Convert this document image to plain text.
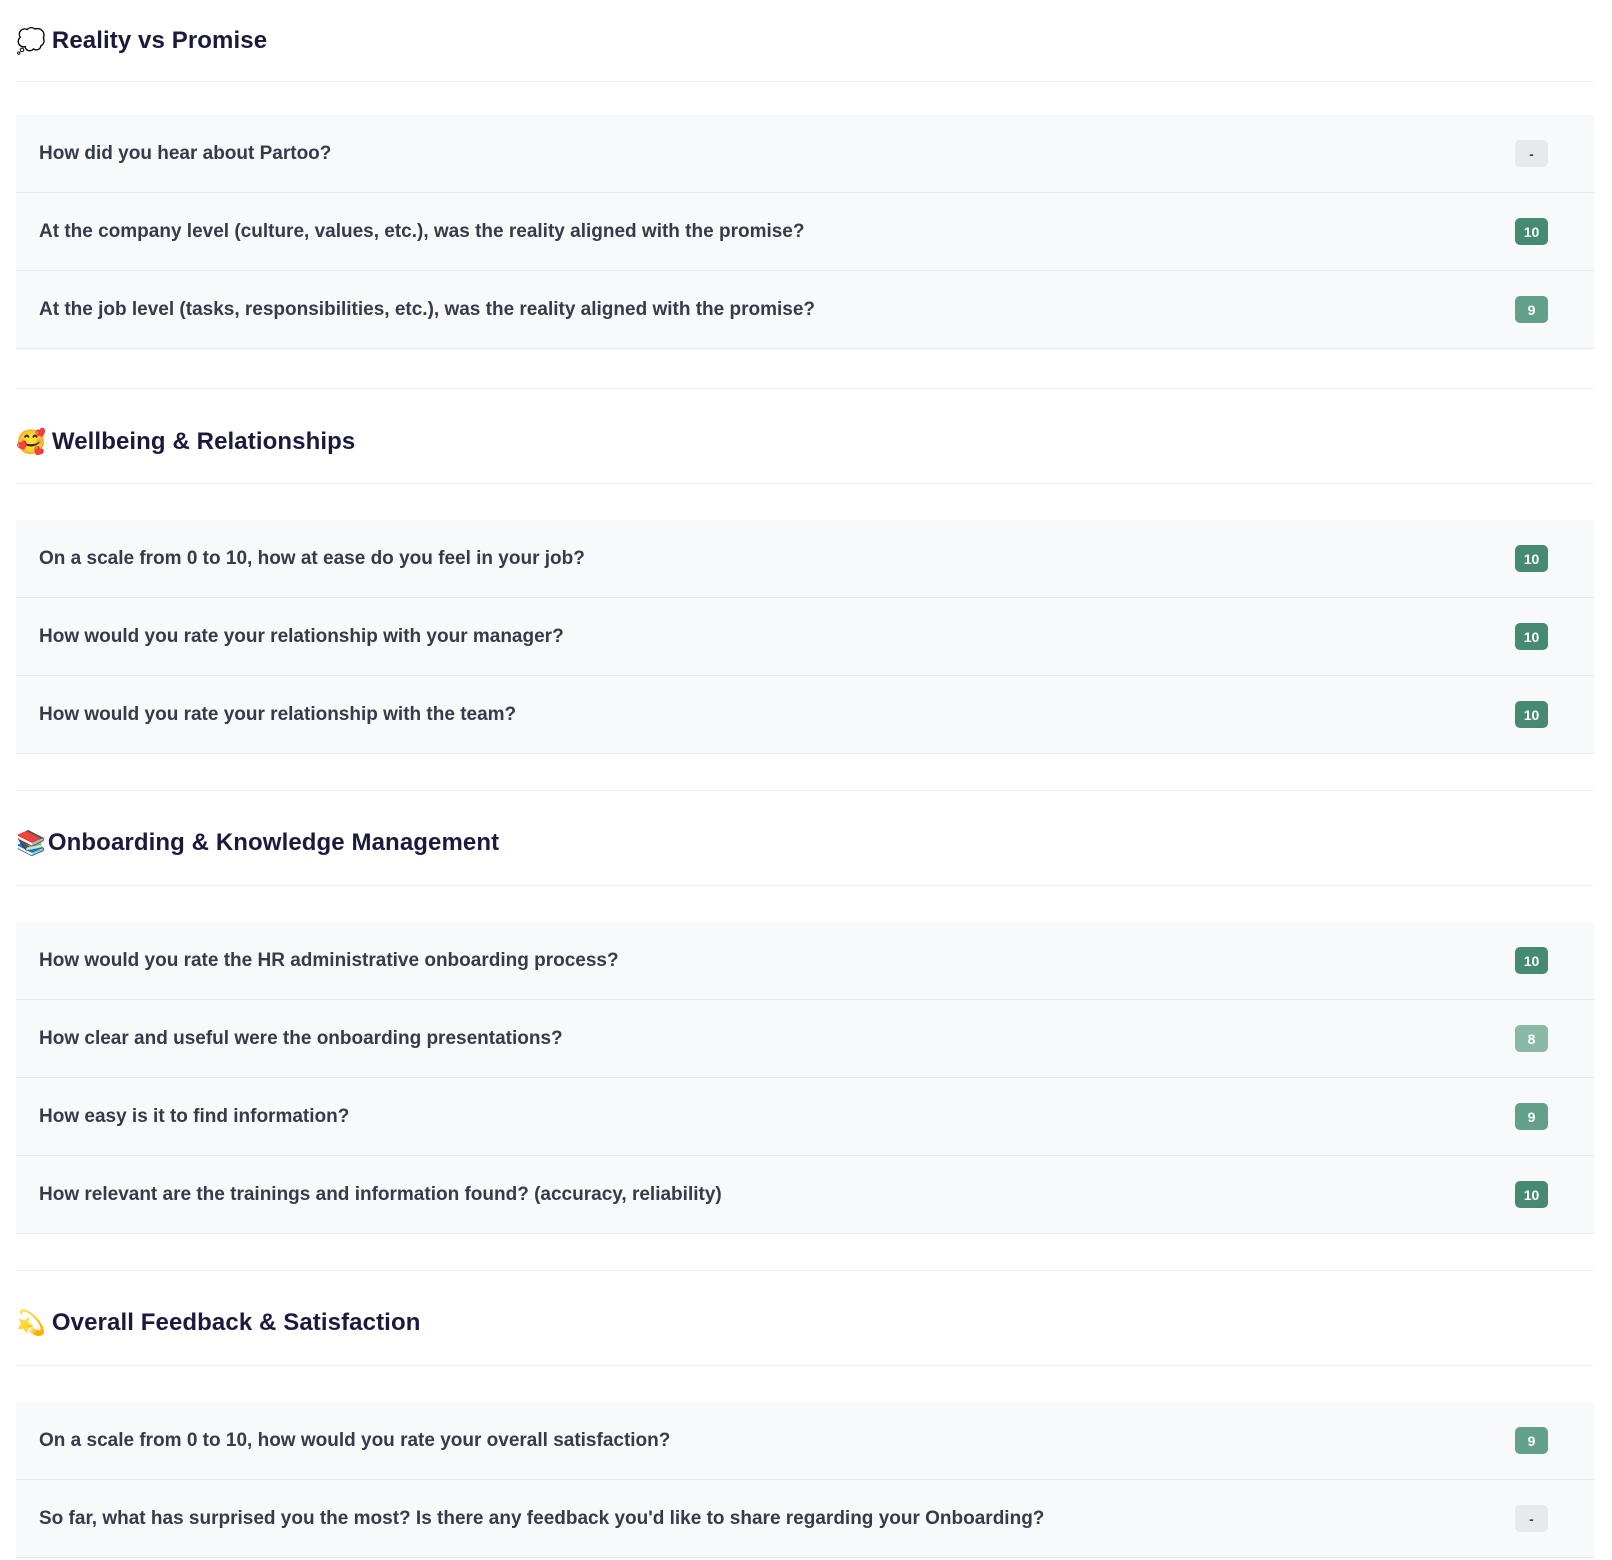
💭 Reality vs Promise
How did you hear about Partoo?	-
At the company level (culture, values, etc.), was the reality aligned with the promise?	10
At the job level (tasks, responsibilities, etc.), was the reality aligned with the promise?	9
🥰 Wellbeing & Relationships
On a scale from 0 to 10, how at ease do you feel in your job?	10
How would you rate your relationship with your manager?	10
How would you rate your relationship with the team?	10
📚 Onboarding & Knowledge Management
How would you rate the HR administrative onboarding process?	10
How clear and useful were the onboarding presentations?	8
How easy is it to find information?	9
How relevant are the trainings and information found? (accuracy, reliability)	10
💫 Overall Feedback & Satisfaction
On a scale from 0 to 10, how would you rate your overall satisfaction?	9
So far, what has surprised you the most? Is there any feedback you'd like to share regarding your Onboarding?	-
